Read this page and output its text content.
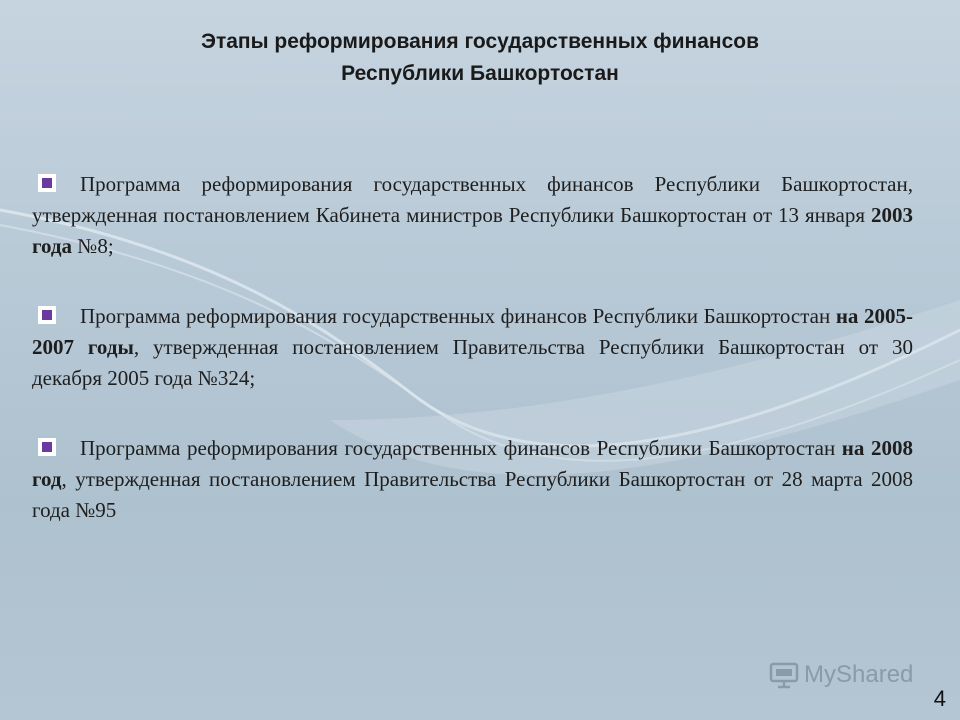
Этапы реформирования государственных финансов
Республики Башкортостан
Программа реформирования государственных финансов Республики Башкортостан, утвержденная постановлением Кабинета министров Республики Башкортостан от 13 января 2003 года №8;
Программа реформирования государственных финансов Республики Башкортостан на 2005-2007 годы, утвержденная постановлением Правительства Республики Башкортостан от 30 декабря 2005 года №324;
Программа реформирования государственных финансов Республики Башкортостан на 2008 год, утвержденная постановлением Правительства Республики Башкортостан от 28 марта 2008 года №95
MyShared
4
